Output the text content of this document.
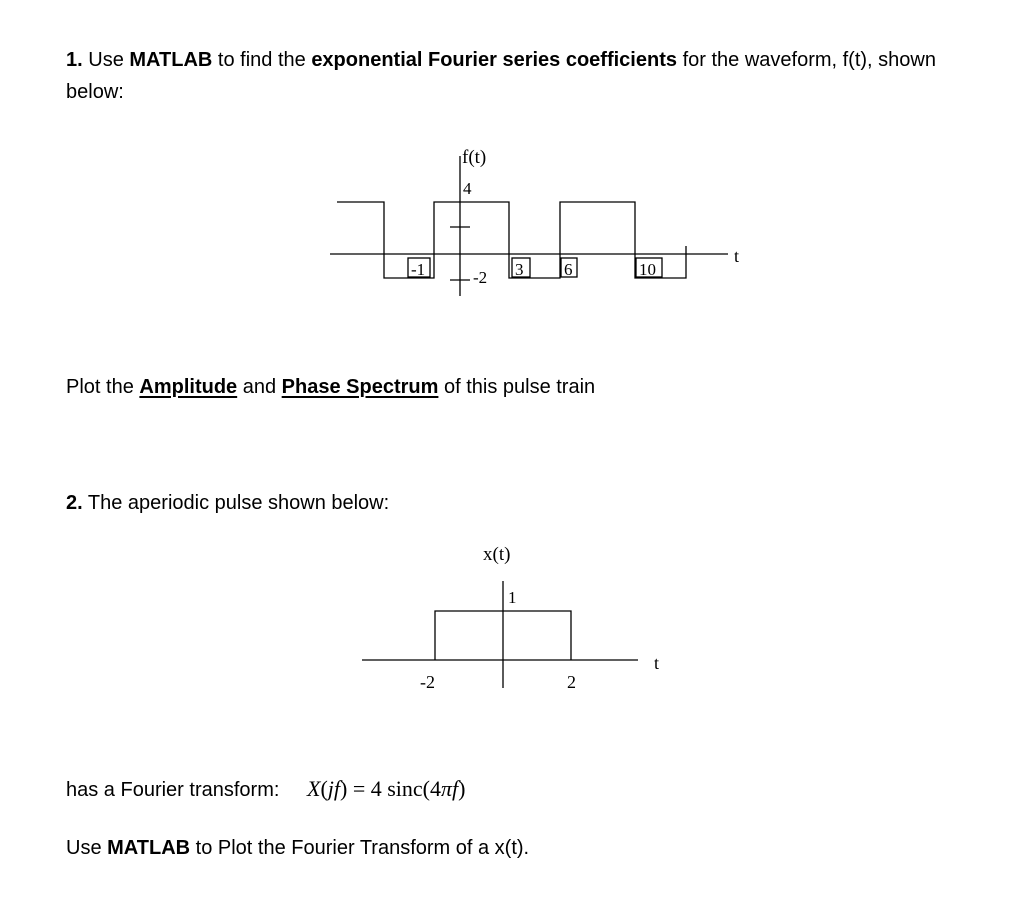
1. Use MATLAB to find the exponential Fourier series coefficients for the waveform, f(t), shown below:
f(t)
4
-2
t
-1	3 6	10
x(t)
1
-2	2
t
Plot the Amplitude and Phase Spectrum of this pulse train
2. The aperiodic pulse shown below:
has a Fourier transform: X(jf) = 4 sinc(4πf)
Use MATLAB to Plot the Fourier Transform of a x(t).
